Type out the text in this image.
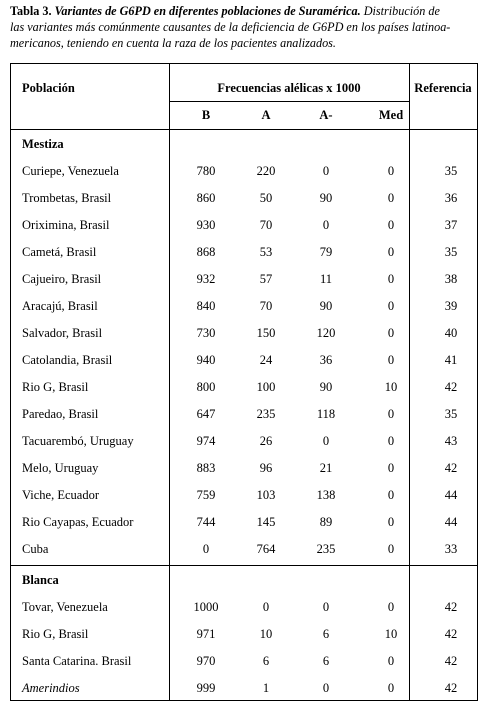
Tabla 3. Variantes de G6PD en diferentes poblaciones de Suramérica. Distribución de
las variantes más comúnmente causantes de la deficiencia de G6PD en los países latinoa-
mericanos, teniendo en cuenta la raza de los pacientes analizados.
Población	Frecuencias alélicas x 1000	Referencia
B	A	A-	Med
Mestiza
Curiepe, Venezuela	780	220	0	0	35
Trombetas, Brasil	860	50	90	0	36
Oriximina, Brasil	930	70	0	0	37
Cametá, Brasil	868	53	79	0	35
Cajueiro, Brasil	932	57	11	0	38
Aracajú, Brasil	840	70	90	0	39
Salvador, Brasil	730	150	120	0	40
Catolandia, Brasil	940	24	36	0	41
Rio G, Brasil	800	100	90	10	42
Paredao, Brasil	647	235	118	0	35
Tacuarembó, Uruguay	974	26	0	0	43
Melo, Uruguay	883	96	21	0	42
Viche, Ecuador	759	103	138	0	44
Rio Cayapas, Ecuador	744	145	89	0	44
Cuba	0	764	235	0	33
Blanca
Tovar, Venezuela	1000	0	0	0	42
Rio G, Brasil	971	10	6	10	42
Santa Catarina. Brasil	970	6	6	0	42
Amerindios	999	1	0	0	42
